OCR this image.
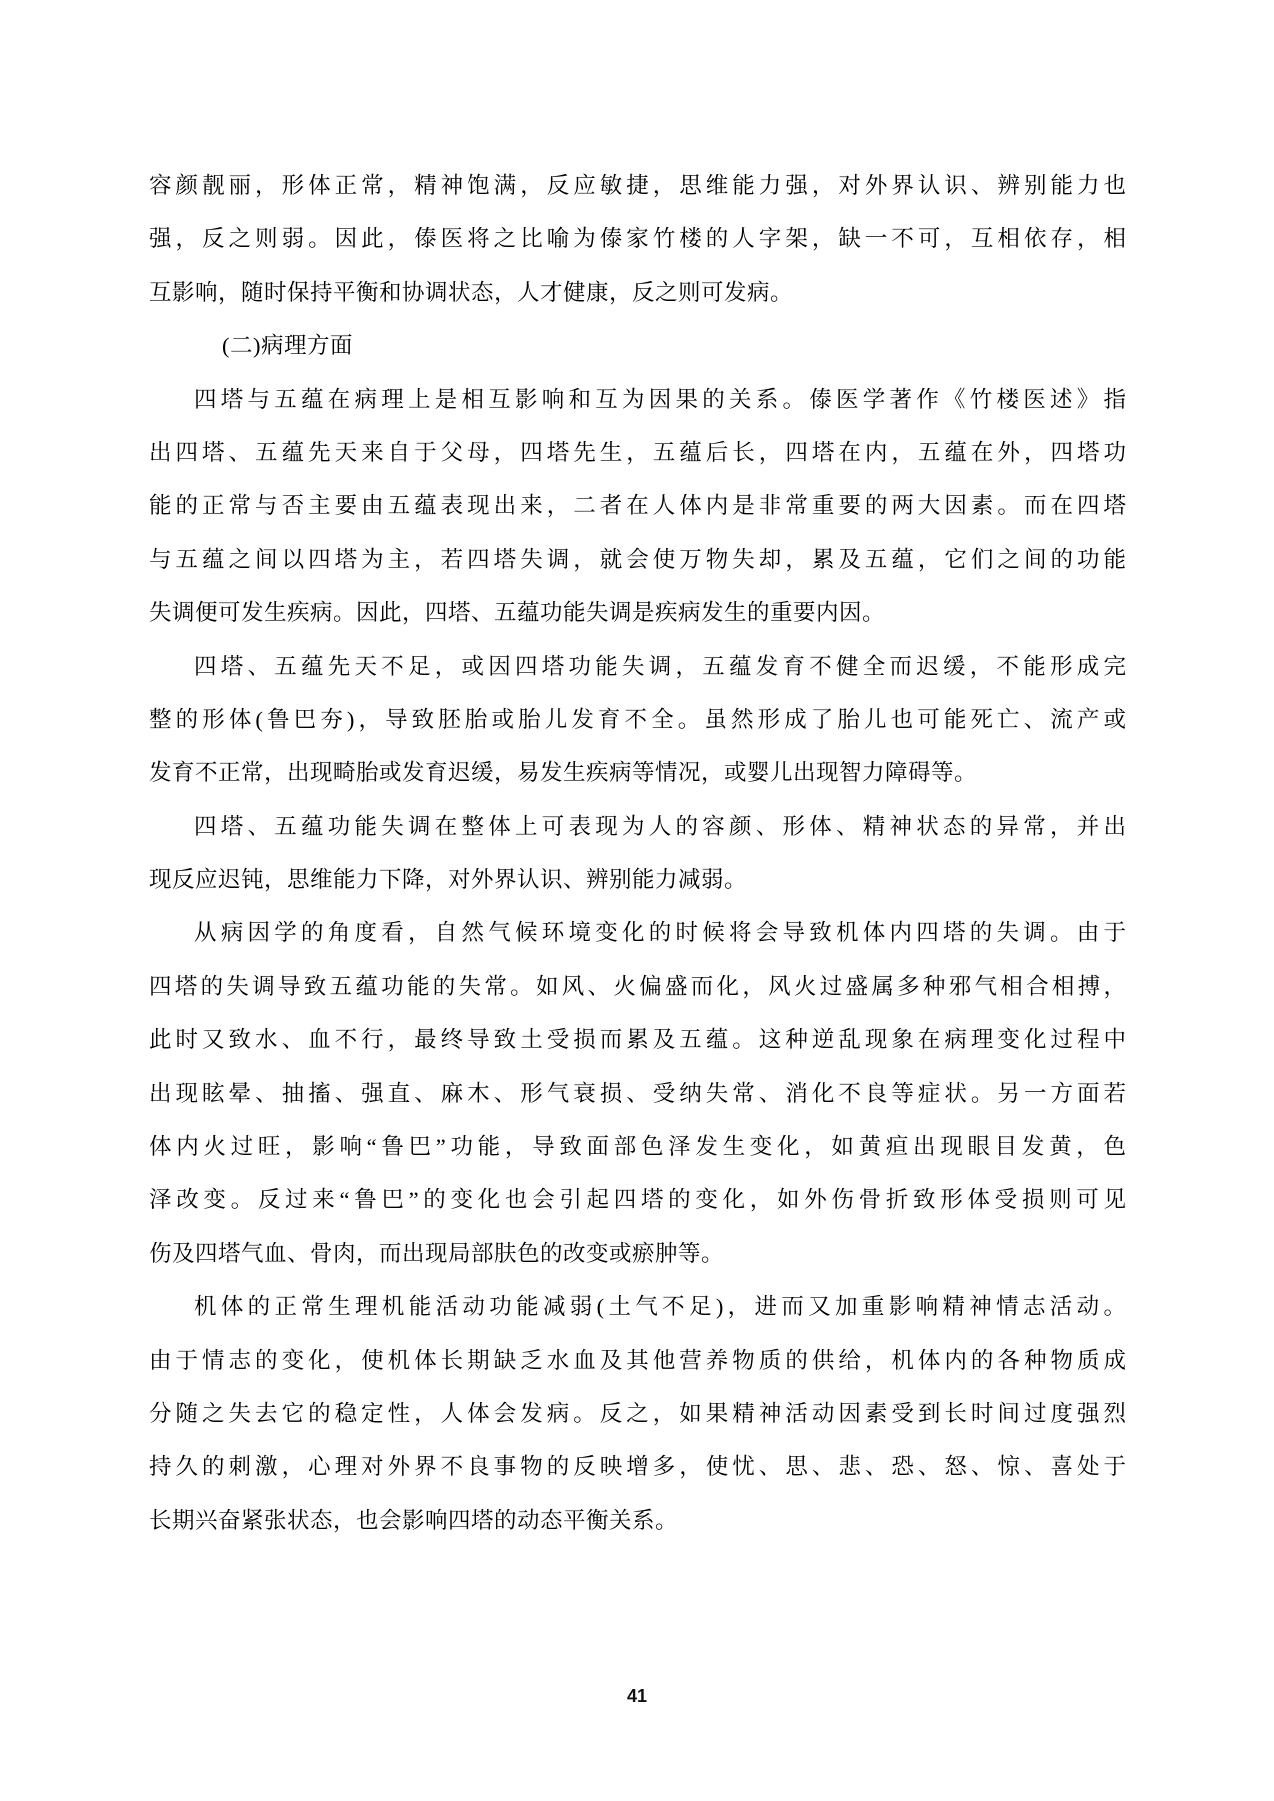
容颜靓丽，形体正常，精神饱满，反应敏捷，思维能力强，对外界认识、辨别能力也
强，反之则弱。因此，傣医将之比喻为傣家竹楼的人字架，缺一不可，互相依存，相
互影响，随时保持平衡和协调状态，人才健康，反之则可发病。
(二)病理方面
四塔与五蕴在病理上是相互影响和互为因果的关系。傣医学著作《竹楼医述》指
出四塔、五蕴先天来自于父母，四塔先生，五蕴后长，四塔在内，五蕴在外，四塔功
能的正常与否主要由五蕴表现出来，二者在人体内是非常重要的两大因素。而在四塔
与五蕴之间以四塔为主，若四塔失调，就会使万物失却，累及五蕴，它们之间的功能
失调便可发生疾病。因此，四塔、五蕴功能失调是疾病发生的重要内因。
四塔、五蕴先天不足，或因四塔功能失调，五蕴发育不健全而迟缓，不能形成完
整的形体(鲁巴夯)，导致胚胎或胎儿发育不全。虽然形成了胎儿也可能死亡、流产或
发育不正常，出现畸胎或发育迟缓，易发生疾病等情况，或婴儿出现智力障碍等。
四塔、五蕴功能失调在整体上可表现为人的容颜、形体、精神状态的异常，并出
现反应迟钝，思维能力下降，对外界认识、辨别能力减弱。
从病因学的角度看，自然气候环境变化的时候将会导致机体内四塔的失调。由于
四塔的失调导致五蕴功能的失常。如风、火偏盛而化，风火过盛属多种邪气相合相搏，
此时又致水、血不行，最终导致土受损而累及五蕴。这种逆乱现象在病理变化过程中
出现眩晕、抽搐、强直、麻木、形气衰损、受纳失常、消化不良等症状。另一方面若
体内火过旺，影响“鲁巴”功能，导致面部色泽发生变化，如黄疸出现眼目发黄，色
泽改变。反过来“鲁巴”的变化也会引起四塔的变化，如外伤骨折致形体受损则可见
伤及四塔气血、骨肉，而出现局部肤色的改变或瘀肿等。
机体的正常生理机能活动功能减弱(土气不足)，进而又加重影响精神情志活动。
由于情志的变化，使机体长期缺乏水血及其他营养物质的供给，机体内的各种物质成
分随之失去它的稳定性，人体会发病。反之，如果精神活动因素受到长时间过度强烈
持久的刺激，心理对外界不良事物的反映增多，使忧、思、悲、恐、怒、惊、喜处于
长期兴奋紧张状态，也会影响四塔的动态平衡关系。
41
